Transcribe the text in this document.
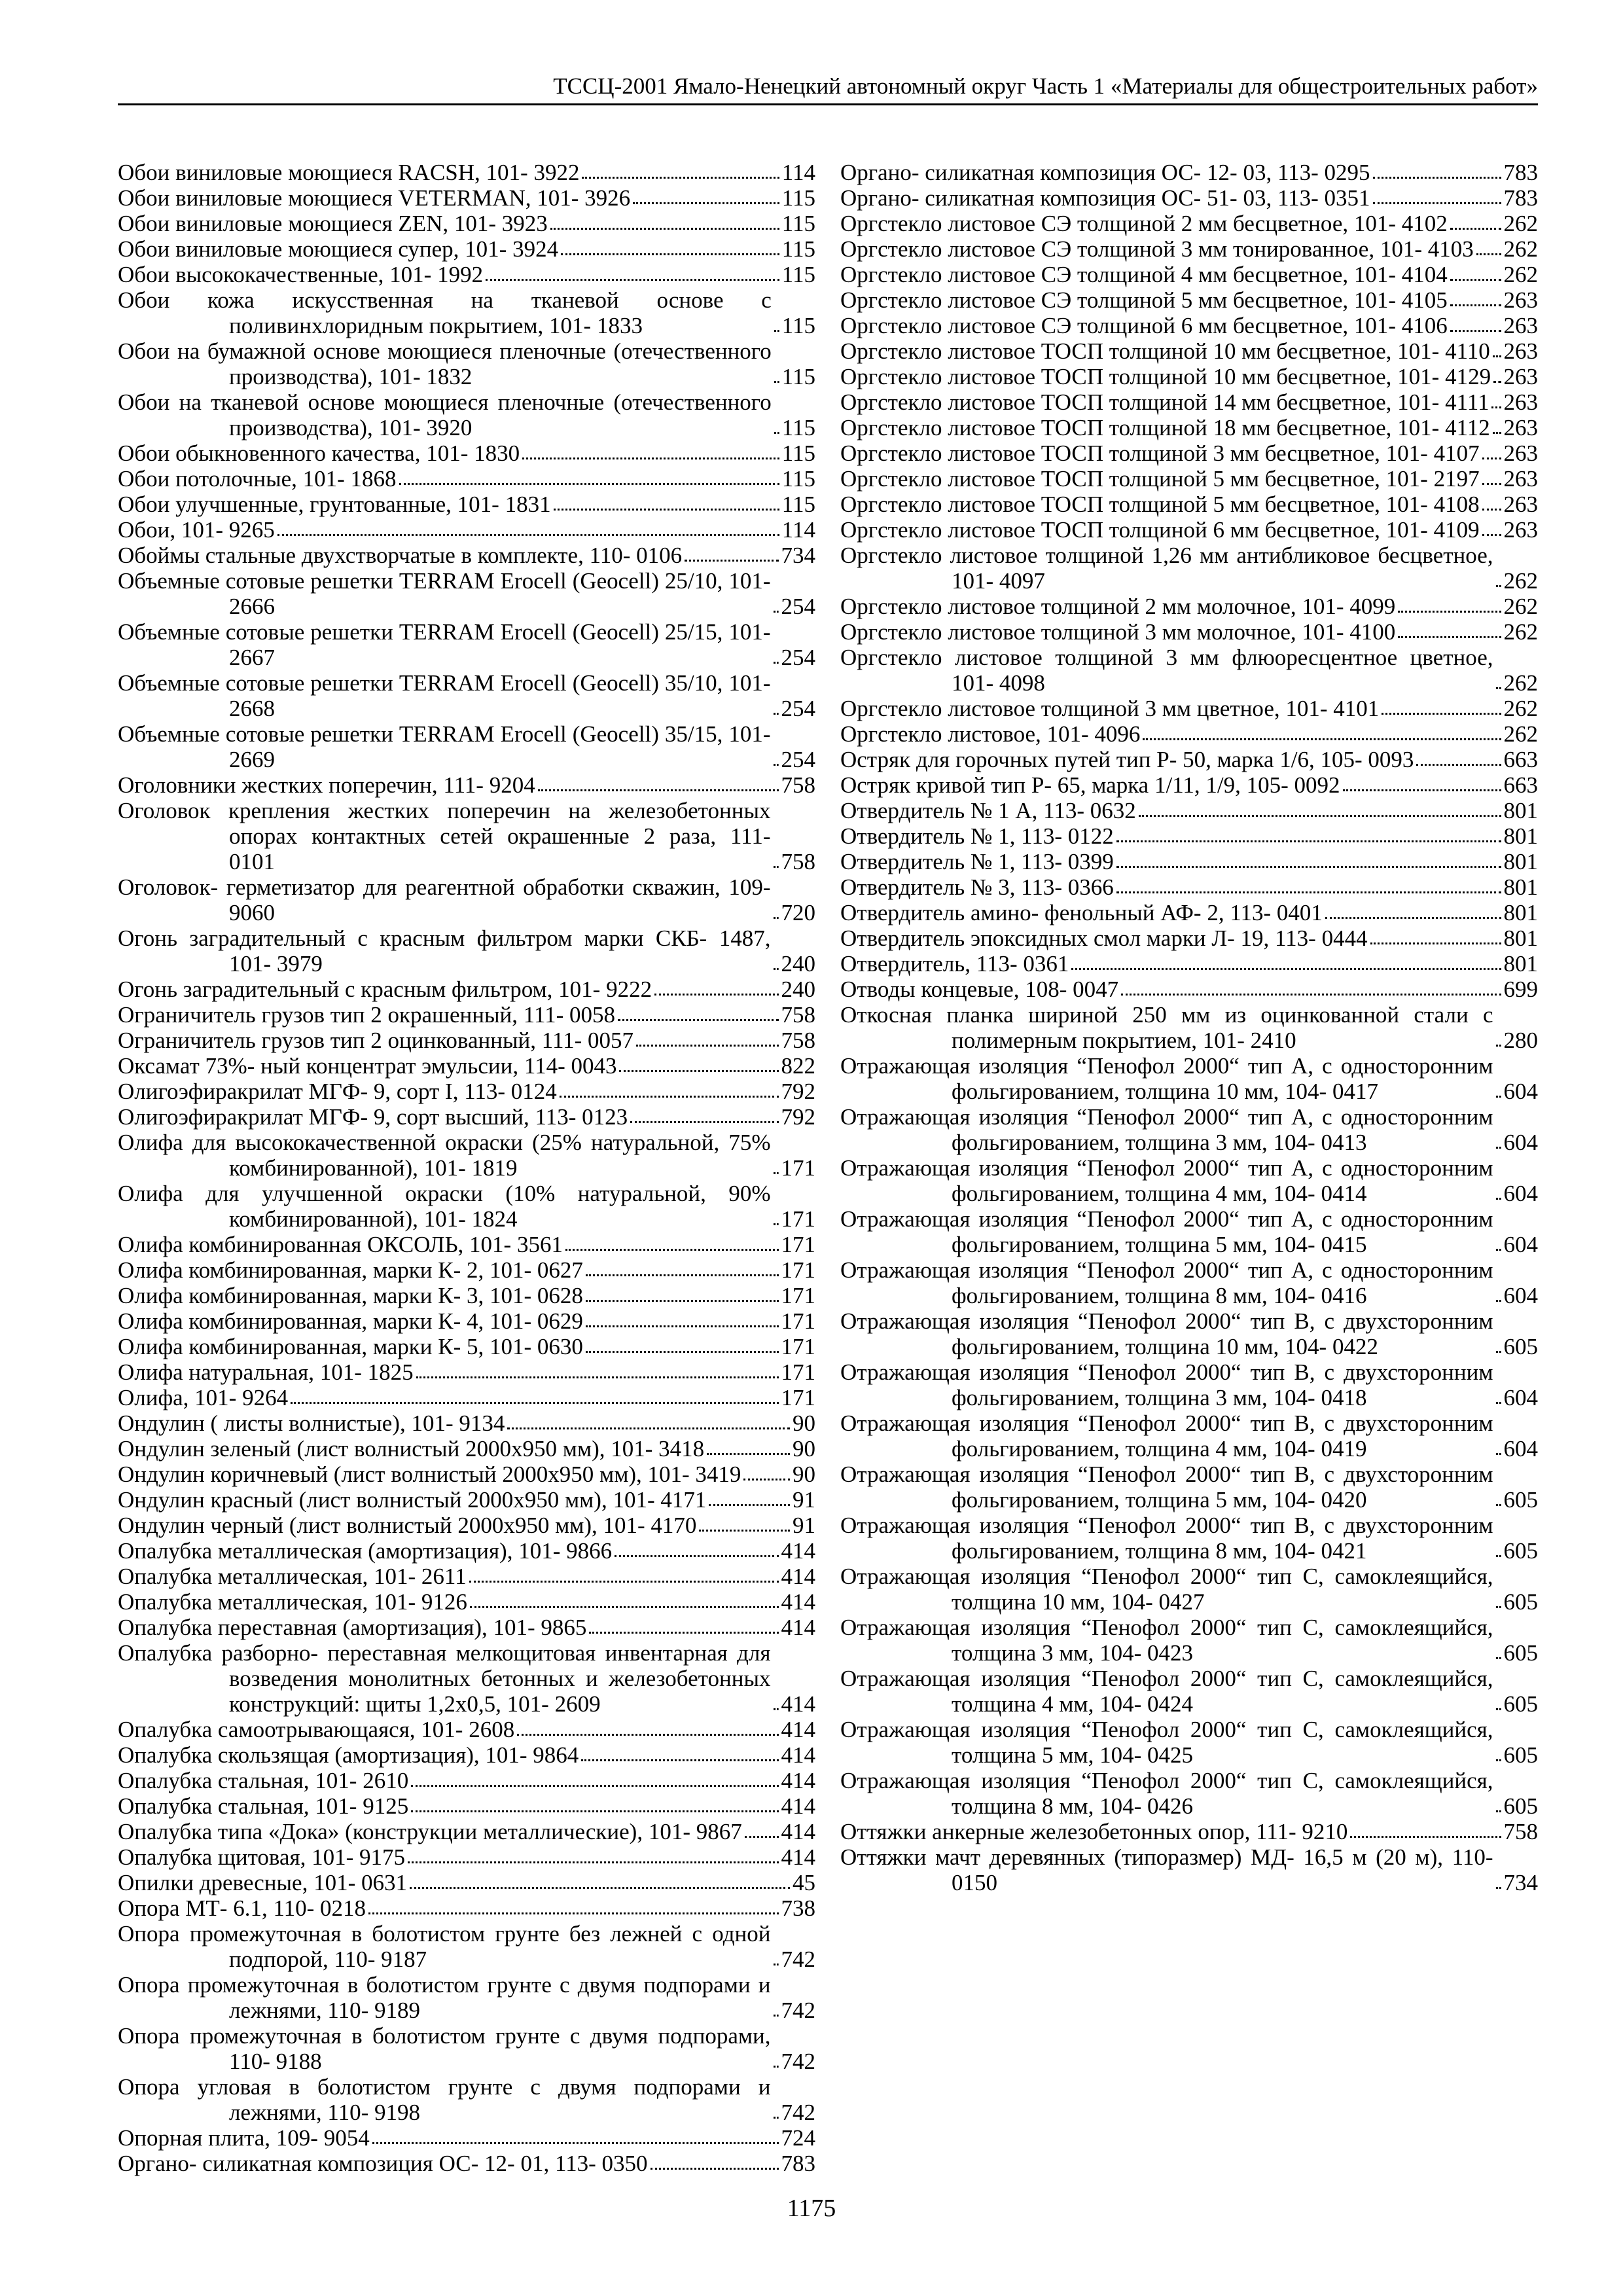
ТССЦ-2001 Ямало-Ненецкий автономный округ Часть 1 «Материалы для общестроительных работ»
Обои виниловые моющиеся RACSH, 101- 3922	114
Обои виниловые моющиеся VETERMAN, 101- 3926	115
Обои виниловые моющиеся ZEN, 101- 3923	115
Обои виниловые моющиеся супер, 101- 3924	115
Обои высококачественные, 101- 1992	115
Обои кожа искусственная на тканевой основе с поливинхлоридным покрытием, 101- 1833	115
Обои на бумажной основе моющиеся пленочные (отечественного производства), 101- 1832	115
Обои на тканевой основе моющиеся пленочные (отечественного производства), 101- 3920	115
Обои обыкновенного качества, 101- 1830	115
Обои потолочные, 101- 1868	115
Обои улучшенные, грунтованные, 101- 1831	115
Обои, 101- 9265	114
Обоймы стальные двухстворчатые в комплекте, 110- 0106	734
Объемные сотовые решетки TERRAM Erocell (Geocell) 25/10, 101- 2666	254
Объемные сотовые решетки TERRAM Erocell (Geocell) 25/15, 101- 2667	254
Объемные сотовые решетки TERRAM Erocell (Geocell) 35/10, 101- 2668	254
Объемные сотовые решетки TERRAM Erocell (Geocell) 35/15, 101- 2669	254
Оголовники жестких поперечин, 111- 9204	758
Оголовок крепления жестких поперечин на железобетонных опорах контактных сетей окрашенные 2 раза, 111- 0101	758
Оголовок- герметизатор для реагентной обработки скважин, 109- 9060	720
Огонь заградительный с красным фильтром марки СКБ- 1487, 101- 3979	240
Огонь заградительный с красным фильтром, 101- 9222	240
Ограничитель грузов тип 2 окрашенный, 111- 0058	758
Ограничитель грузов тип 2 оцинкованный, 111- 0057	758
Оксамат 73%- ный концентрат эмульсии, 114- 0043	822
Олигоэфиракрилат МГФ- 9, сорт I, 113- 0124	792
Олигоэфиракрилат МГФ- 9, сорт высший, 113- 0123	792
Олифа для высококачественной окраски (25% натуральной, 75% комбинированной), 101- 1819	171
Олифа для улучшенной окраски (10% натуральной, 90% комбинированной), 101- 1824	171
Олифа комбинированная ОКСОЛЬ, 101- 3561	171
Олифа комбинированная, марки К- 2, 101- 0627	171
Олифа комбинированная, марки К- 3, 101- 0628	171
Олифа комбинированная, марки К- 4, 101- 0629	171
Олифа комбинированная, марки К- 5, 101- 0630	171
Олифа натуральная, 101- 1825	171
Олифа, 101- 9264	171
Ондулин ( листы волнистые), 101- 9134	90
Ондулин зеленый (лист волнистый 2000х950 мм), 101- 3418	90
Ондулин коричневый (лист волнистый 2000х950 мм), 101- 3419 90
Ондулин красный (лист волнистый 2000х950 мм), 101- 4171	91
Ондулин черный (лист волнистый 2000х950 мм), 101- 4170	91
Опалубка металлическая (амортизация), 101- 9866	414
Опалубка металлическая, 101- 2611	414
Опалубка металлическая, 101- 9126	414
Опалубка переставная (амортизация), 101- 9865	414
Опалубка разборно- переставная мелкощитовая инвентарная для возведения монолитных бетонных и железобетонных конструкций: щиты 1,2х0,5, 101- 2609	414
Опалубка самоотрывающаяся, 101- 2608	414
Опалубка скользящая (амортизация), 101- 9864	414
Опалубка стальная, 101- 2610	414
Опалубка стальная, 101- 9125	414
Опалубка типа «Дока» (конструкции металлические), 101- 9867 414
Опалубка щитовая, 101- 9175	414
Опилки древесные, 101- 0631	45
Опора МТ- 6.1, 110- 0218	738
Опора промежуточная в болотистом грунте без лежней с одной подпорой, 110- 9187	742
Опора промежуточная в болотистом грунте с двумя подпорами и лежнями, 110- 9189	742
Опора промежуточная в болотистом грунте с двумя подпорами, 110- 9188	742
Опора угловая в болотистом грунте с двумя подпорами и лежнями, 110- 9198	742
Опорная плита, 109- 9054	724
Органо- силикатная композиция ОС- 12- 01, 113- 0350	783
Органо- силикатная композиция ОС- 12- 03, 113- 0295	783
Органо- силикатная композиция ОС- 51- 03, 113- 0351	783
Оргстекло листовое СЭ толщиной 2 мм бесцветное, 101- 4102 262
Оргстекло листовое СЭ толщиной 3 мм тонированное, 101- 4103 262
Оргстекло листовое СЭ толщиной 4 мм бесцветное, 101- 4104 262
Оргстекло листовое СЭ толщиной 5 мм бесцветное, 101- 4105 263
Оргстекло листовое СЭ толщиной 6 мм бесцветное, 101- 4106 263
Оргстекло листовое ТОСП толщиной 10 мм бесцветное, 101- 4110 263
Оргстекло листовое ТОСП толщиной 10 мм бесцветное, 101- 4129 263
Оргстекло листовое ТОСП толщиной 14 мм бесцветное, 101- 4111 263
Оргстекло листовое ТОСП толщиной 18 мм бесцветное, 101- 4112 263
Оргстекло листовое ТОСП толщиной 3 мм бесцветное, 101- 4107 263
Оргстекло листовое ТОСП толщиной 5 мм бесцветное, 101- 2197 263
Оргстекло листовое ТОСП толщиной 5 мм бесцветное, 101- 4108 263
Оргстекло листовое ТОСП толщиной 6 мм бесцветное, 101- 4109 263
Оргстекло листовое толщиной 1,26 мм антибликовое бесцветное, 101- 4097	262
Оргстекло листовое толщиной 2 мм молочное, 101- 4099	262
Оргстекло листовое толщиной 3 мм молочное, 101- 4100	262
Оргстекло листовое толщиной 3 мм флюоресцентное цветное, 101- 4098	262
Оргстекло листовое толщиной 3 мм цветное, 101- 4101	262
Оргстекло листовое, 101- 4096	262
Остряк для горочных путей тип Р- 50, марка 1/6, 105- 0093	663
Остряк кривой тип Р- 65, марка 1/11, 1/9, 105- 0092	663
Отвердитель № 1 А, 113- 0632	801
Отвердитель № 1, 113- 0122	801
Отвердитель № 1, 113- 0399	801
Отвердитель № 3, 113- 0366	801
Отвердитель амино- фенольный АФ- 2, 113- 0401	801
Отвердитель эпоксидных смол марки Л- 19, 113- 0444	801
Отвердитель, 113- 0361	801
Отводы концевые, 108- 0047	699
Откосная планка шириной 250 мм из оцинкованной стали с полимерным покрытием, 101- 2410	280
Отражающая изоляция “Пенофол 2000“ тип А, с односторонним фольгированием, толщина 10 мм, 104- 0417	604
Отражающая изоляция “Пенофол 2000“ тип А, с односторонним фольгированием, толщина 3 мм, 104- 0413	604
Отражающая изоляция “Пенофол 2000“ тип А, с односторонним фольгированием, толщина 4 мм, 104- 0414	604
Отражающая изоляция “Пенофол 2000“ тип А, с односторонним фольгированием, толщина 5 мм, 104- 0415	604
Отражающая изоляция “Пенофол 2000“ тип А, с односторонним фольгированием, толщина 8 мм, 104- 0416	604
Отражающая изоляция “Пенофол 2000“ тип В, с двухсторонним фольгированием, толщина 10 мм, 104- 0422	605
Отражающая изоляция “Пенофол 2000“ тип В, с двухсторонним фольгированием, толщина 3 мм, 104- 0418	604
Отражающая изоляция “Пенофол 2000“ тип В, с двухсторонним фольгированием, толщина 4 мм, 104- 0419	604
Отражающая изоляция “Пенофол 2000“ тип В, с двухсторонним фольгированием, толщина 5 мм, 104- 0420	605
Отражающая изоляция “Пенофол 2000“ тип В, с двухсторонним фольгированием, толщина 8 мм, 104- 0421	605
Отражающая изоляция “Пенофол 2000“ тип С, самоклеящийся, толщина 10 мм, 104- 0427	605
Отражающая изоляция “Пенофол 2000“ тип С, самоклеящийся, толщина 3 мм, 104- 0423	605
Отражающая изоляция “Пенофол 2000“ тип С, самоклеящийся, толщина 4 мм, 104- 0424	605
Отражающая изоляция “Пенофол 2000“ тип С, самоклеящийся, толщина 5 мм, 104- 0425	605
Отражающая изоляция “Пенофол 2000“ тип С, самоклеящийся, толщина 8 мм, 104- 0426	605
Оттяжки анкерные железобетонных опор, 111- 9210	758
Оттяжки мачт деревянных (типоразмер) МД- 16,5 м (20 м), 110- 0150	734
1175
